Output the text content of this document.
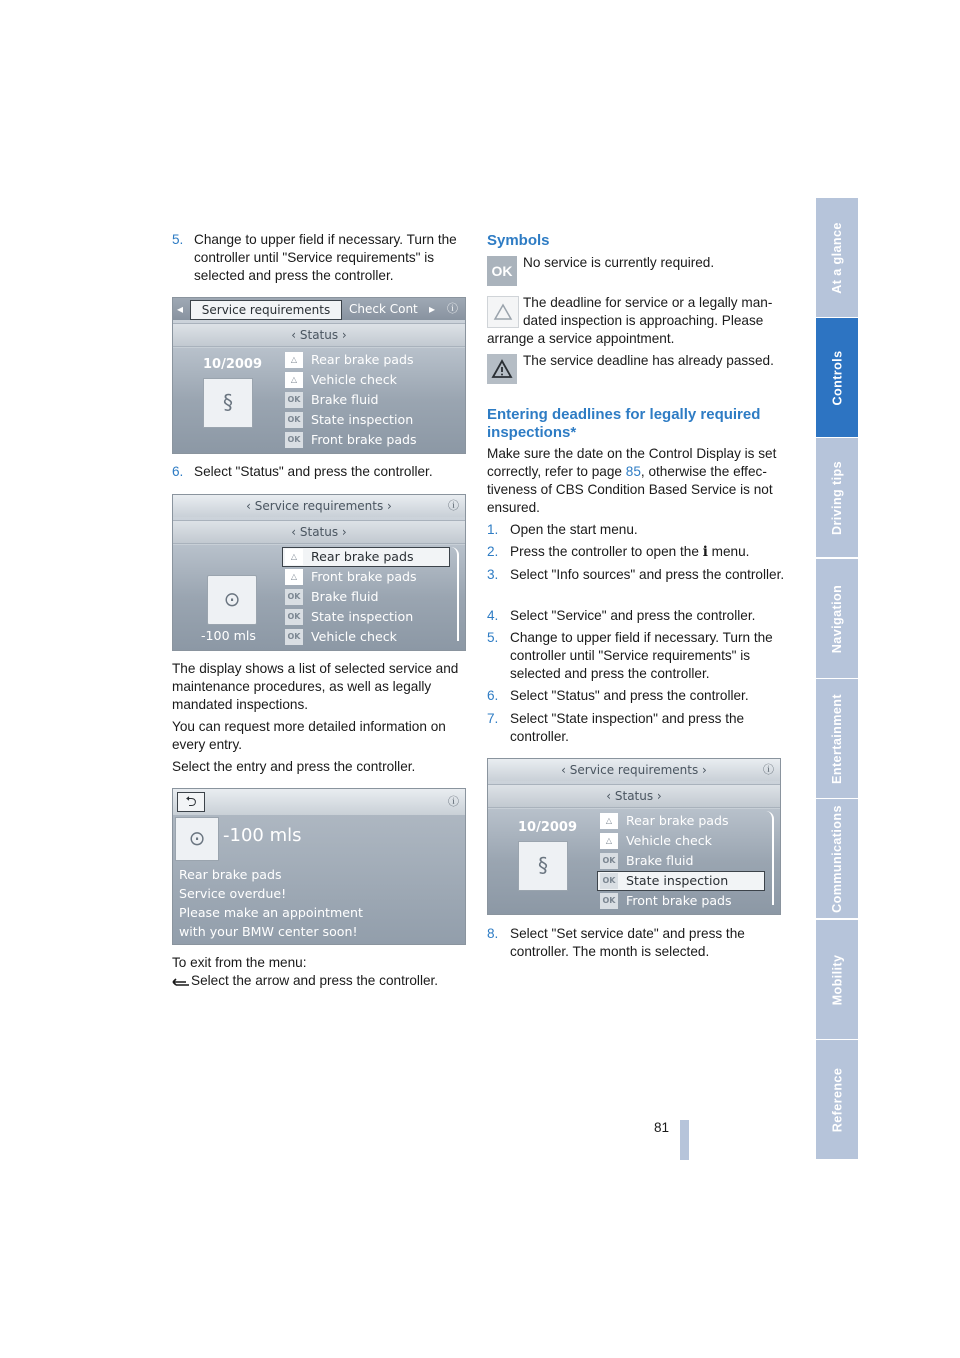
At a glance
Controls
Driving tips
Navigation
Entertainment
Communications
Mobility
Reference
5. Change to upper field if necessary. Turn the controller until "Service requirements" is selected and press the controller.
◂	Service requirements	Check Cont ▸ ⓘ
‹ Status ›
10/2009
§
△	Rear brake pads
△	Vehicle check
OK Brake fluid
OK State inspection
OK Front brake pads
6. Select "Status" and press the controller.
‹ Service requirements ›	ⓘ
‹ Status ›
⊙
-100 mls
△	Rear brake pads
△	Front brake pads
OK Brake fluid
OK State inspection
OK Vehicle check

The display shows a list of selected service and maintenance procedures, as well as legally mandated inspections.

You can request more detailed information on every entry.

Select the entry and press the controller.

⮌	ⓘ
⊙ -100 mls
Rear brake pads
Service overdue!
Please make an appointment
with your BMW center soon!

To exit from the menu:

Select the arrow and press the controller.
Symbols
OK

No service is currently required.

The deadline for service or a legally man-

dated inspection is approaching. Please

arrange a service appointment.

The service deadline has already passed.

Entering deadlines for legally required inspections*

Make sure the date on the Control Display is set correctly, refer to page 85, otherwise the effectiveness of CBS Condition Based Service is not ensured.

1. Open the start menu.
2. Press the controller to open the i menu.
3. Select "Info sources" and press the controller.
4. Select "Service" and press the controller.
5. Change to upper field if necessary. Turn the controller until "Service requirements" is selected and press the controller.
6. Select "Status" and press the controller.
7. Select "State inspection" and press the controller.
‹ Service requirements ›	ⓘ
‹ Status ›
10/2009
§
△	Rear brake pads
△	Vehicle check
OK Brake fluid
OK State inspection
OK Front brake pads
8. Select "Set service date" and press the controller. The month is selected.
81
